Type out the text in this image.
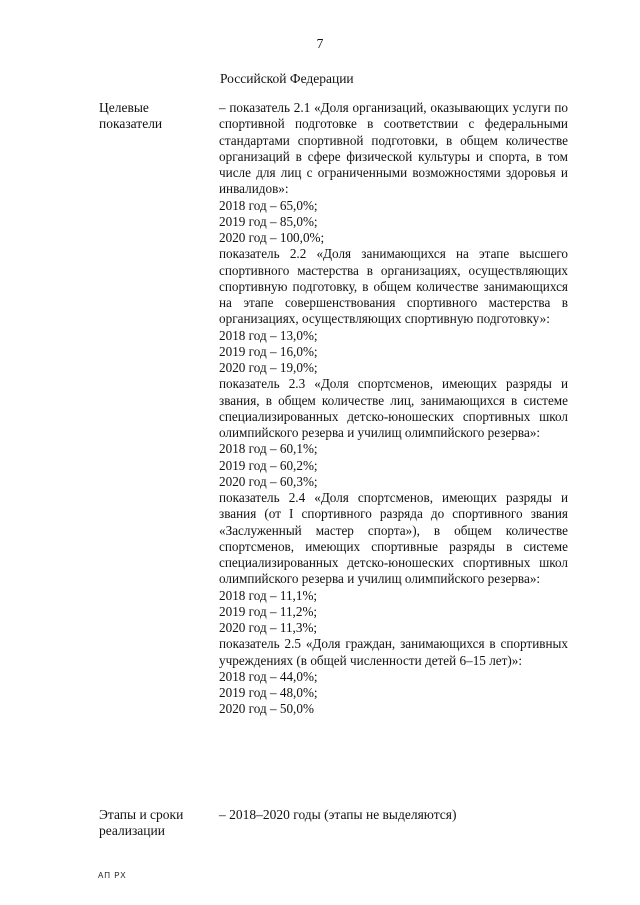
7
Российской Федерации
Целевые
показатели
– показатель 2.1 «Доля организаций, оказывающих услуги по спортивной подготовке в соответствии с федеральными стандартами спортивной подготовки, в общем количестве организаций в сфере физической культуры и спорта, в том числе для лиц с ограниченными возможностями здоровья и инвалидов»:
2018 год – 65,0%;
2019 год – 85,0%;
2020 год – 100,0%;
показатель 2.2 «Доля занимающихся на этапе высшего спортивного мастерства в организациях, осуществляющих спортивную подготовку, в общем количестве занимающихся на этапе совершенствования спортивного мастерства в организациях, осуществляющих спортивную подготовку»:
2018 год – 13,0%;
2019 год – 16,0%;
2020 год – 19,0%;
показатель 2.3 «Доля спортсменов, имеющих разряды и звания, в общем количестве лиц, занимающихся в системе специализированных детско-юношеских спортивных школ олимпийского резерва и училищ олимпийского резерва»:
2018 год – 60,1%;
2019 год – 60,2%;
2020 год – 60,3%;
показатель 2.4 «Доля спортсменов, имеющих разряды и звания (от I спортивного разряда до спортивного звания «Заслуженный мастер спорта»), в общем количестве спортсменов, имеющих спортивные разряды в системе специализированных детско-юношеских спортивных школ олимпийского резерва и училищ олимпийского резерва»:
2018 год – 11,1%;
2019 год – 11,2%;
2020 год – 11,3%;
показатель 2.5 «Доля граждан, занимающихся в спортивных учреждениях (в общей численности детей 6–15 лет)»:
2018 год – 44,0%;
2019 год – 48,0%;
2020 год – 50,0%
Этапы и сроки
реализации
– 2018–2020 годы (этапы не выделяются)
АП РХ
